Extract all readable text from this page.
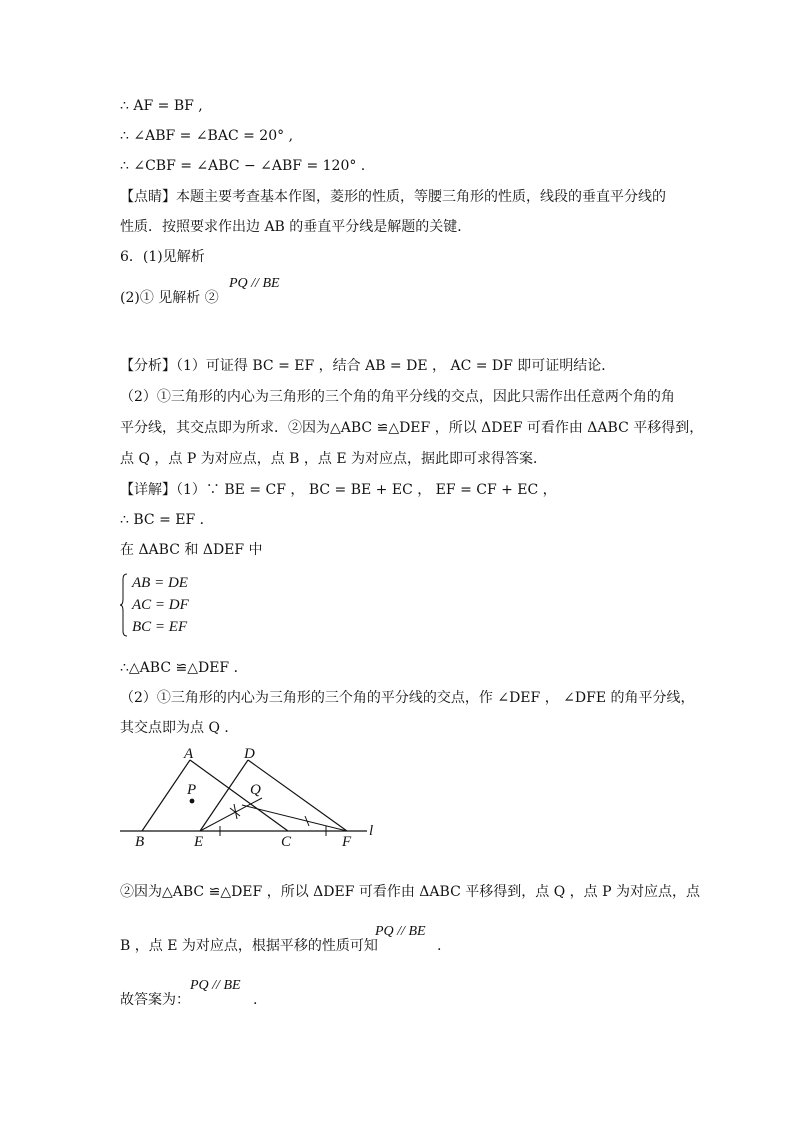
∴ AF = BF ,
∴ ∠ABF = ∠BAC = 20° ,
∴ ∠CBF = ∠ABC − ∠ABF = 120° .
【点睛】本题主要考查基本作图，菱形的性质，等腰三角形的性质，线段的垂直平分线的
性质．按照要求作出边 AB 的垂直平分线是解题的关键．
6．(1)见解析
(2)① 见解析 ②
PQ // BE
【分析】（1）可证得 BC = EF ，结合 AB = DE ， AC = DF 即可证明结论．
（2）①三角形的内心为三角形的三个角的角平分线的交点，因此只需作出任意两个角的角
平分线，其交点即为所求．②因为△ABC ≌△DEF ，所以 ΔDEF 可看作由 ΔABC 平移得到，
点 Q ，点 P 为对应点，点 B ，点 E 为对应点，据此即可求得答案．
【详解】（1）∵ BE = CF ， BC = BE + EC ， EF = CF + EC ，
∴ BC = EF ．
在 ΔABC 和 ΔDEF 中
AB = DE
AC = DF
BC = EF
∴△ABC ≌△DEF ．
（2）①三角形的内心为三角形的三个角的平分线的交点，作 ∠DEF ， ∠DFE 的角平分线，
其交点即为点 Q ．
A	D
P	Q
B	E	C	F
l
②因为△ABC ≌△DEF ，所以 ΔDEF 可看作由 ΔABC 平移得到，点 Q ，点 P 为对应点，点
B ，点 E 为对应点，根据平移的性质可知
PQ // BE
.
故答案为：
PQ // BE
.
